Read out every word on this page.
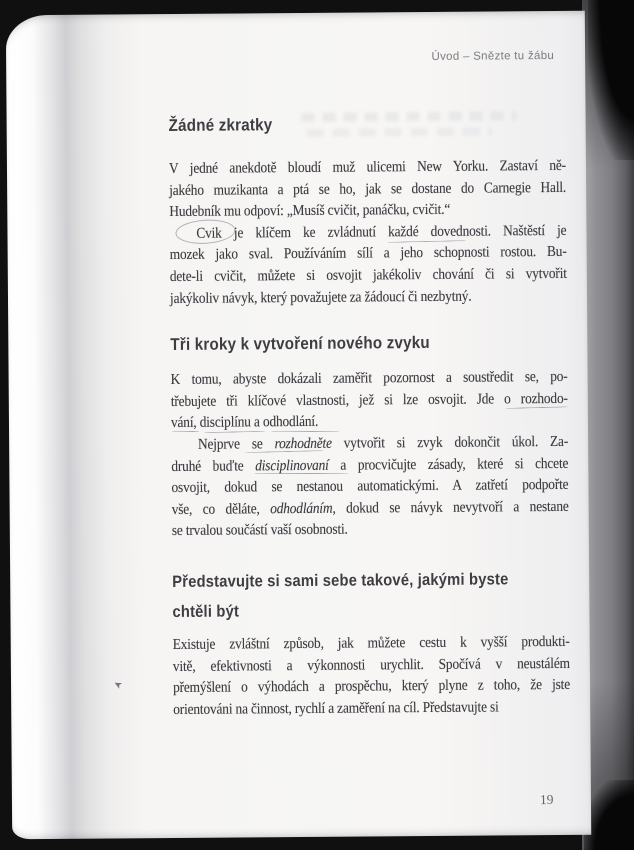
Úvod – Snězte tu žábu
Žádné zkratky
V jedné anekdotě bloudí muž ulicemi New Yorku. Zastaví ně-
jakého muzikanta a ptá se ho, jak se dostane do Carnegie Hall.
Hudebník mu odpoví: „Musíš cvičit, panáčku, cvičit.“
Cvik je klíčem ke zvládnutí každé dovednosti. Naštěstí je
mozek jako sval. Používáním sílí a jeho schopnosti rostou. Bu-
dete-li cvičit, můžete si osvojit jakékoliv chování či si vytvořit
jakýkoliv návyk, který považujete za žádoucí či nezbytný.
Tři kroky k vytvoření nového zvyku
K tomu, abyste dokázali zaměřit pozornost a soustředit se, po-
třebujete tři klíčové vlastnosti, jež si lze osvojit. Jde o rozhodo-
vání, disciplínu a odhodlání.
Nejprve se rozhodněte vytvořit si zvyk dokončit úkol. Za-
druhé buďte disciplinovaní a procvičujte zásady, které si chcete
osvojit, dokud se nestanou automatickými. A zatřetí podpořte
vše, co děláte, odhodláním, dokud se návyk nevytvoří a nestane
se trvalou součástí vaší osobnosti.
Představujte si sami sebe takové, jakými byste
chtěli být
Existuje zvláštní způsob, jak můžete cestu k vyšší produkti-
vitě, efektivnosti a výkonnosti urychlit. Spočívá v neustálém
přemýšlení o výhodách a prospěchu, který plyne z toho, že jste
orientováni na činnost, rychlí a zaměření na cíl. Představujte si
➤
19
